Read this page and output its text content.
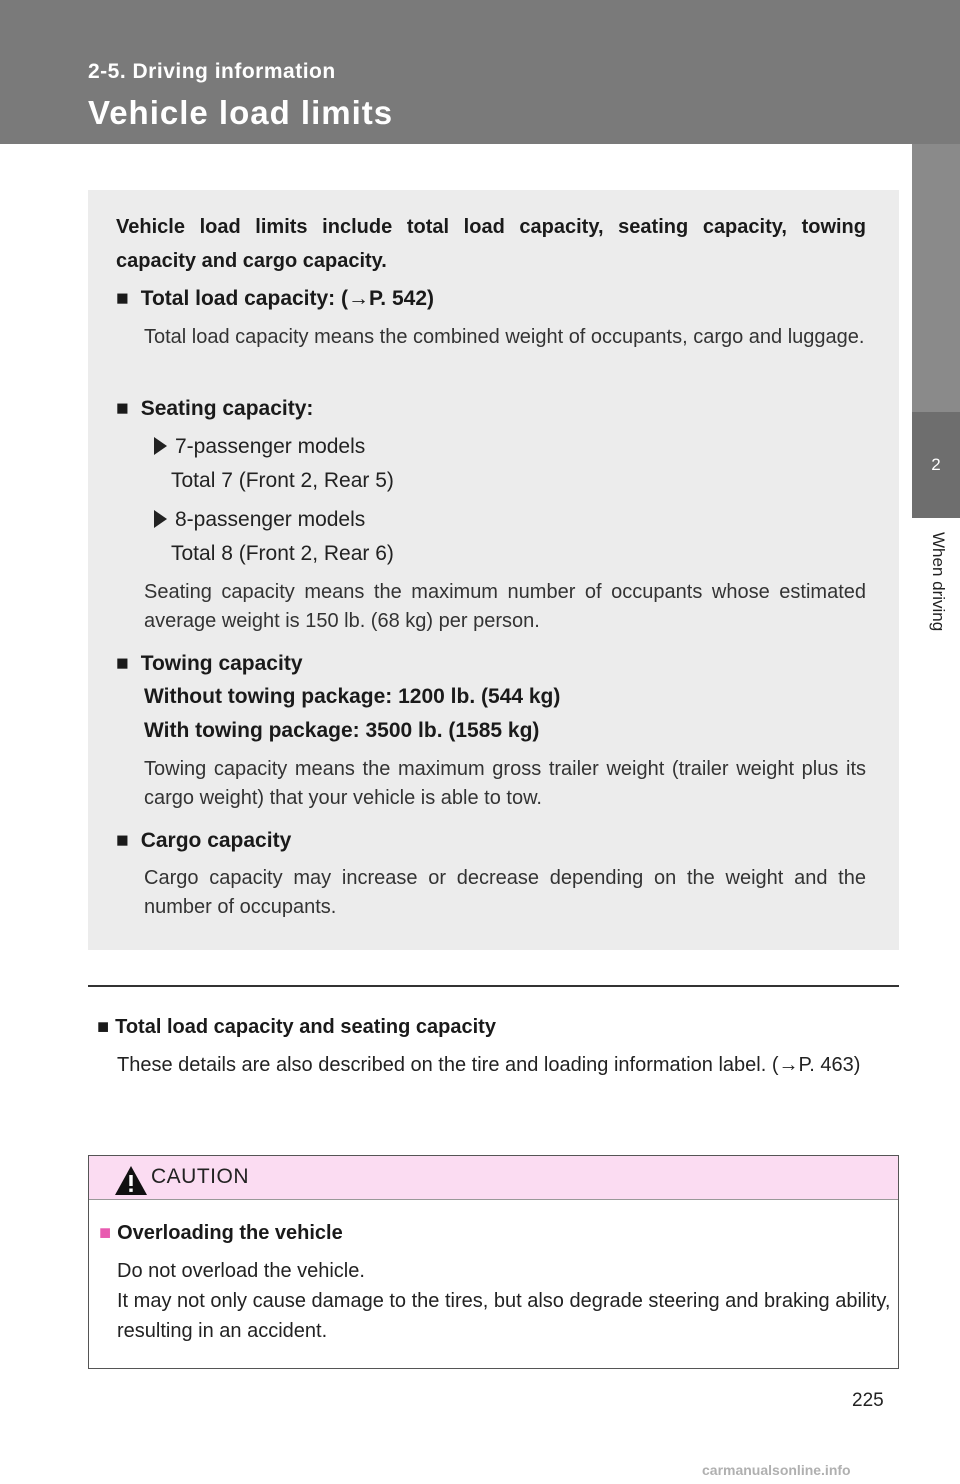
2-5. Driving information
Vehicle load limits
2
When driving
Vehicle load limits include total load capacity, seating capacity, towing capacity and cargo capacity.
■ Total load capacity: (→P. 542)
Total load capacity means the combined weight of occupants, cargo and luggage.
■ Seating capacity:
7-passenger models
Total 7 (Front 2, Rear 5)
8-passenger models
Total 8 (Front 2, Rear 6)
Seating capacity means the maximum number of occupants whose estimated average weight is 150 lb. (68 kg) per person.
■ Towing capacity
Without towing package: 1200 lb. (544 kg)
With towing package: 3500 lb. (1585 kg)
Towing capacity means the maximum gross trailer weight (trailer weight plus its cargo weight) that your vehicle is able to tow.
■ Cargo capacity
Cargo capacity may increase or decrease depending on the weight and the number of occupants.
■ Total load capacity and seating capacity
These details are also described on the tire and loading information label. (→P. 463)
CAUTION
■ Overloading the vehicle
Do not overload the vehicle.
It may not only cause damage to the tires, but also degrade steering and braking ability, resulting in an accident.
225
carmanualsonline.info
